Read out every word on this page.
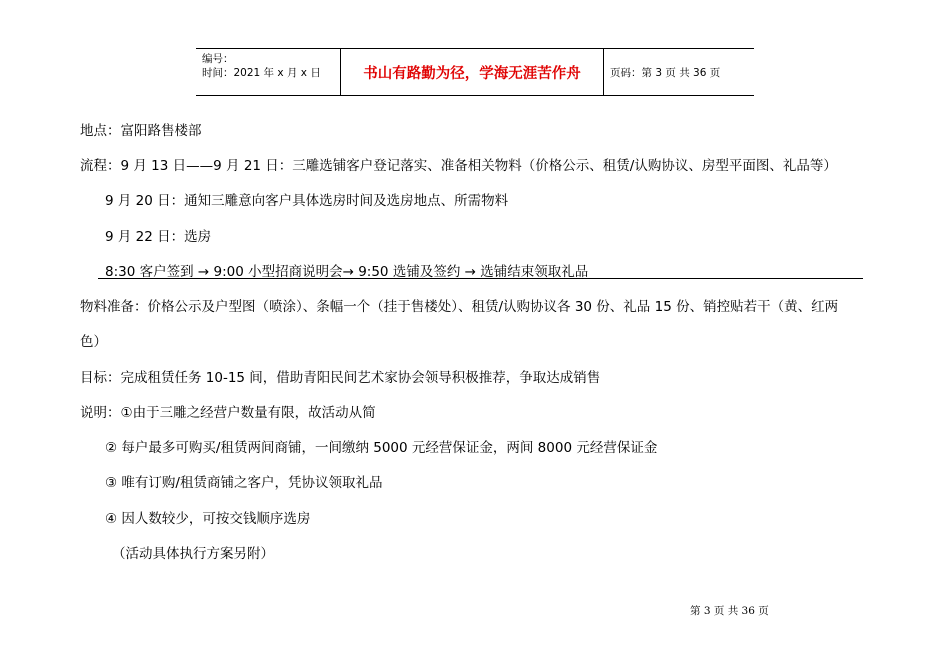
编号：
时间：2021 年 x 月 x 日	书山有路勤为径，学海无涯苦作舟	页码：第 3 页 共 36 页
地点：富阳路售楼部
流程：9 月 13 日——9 月 21 日：三雕选铺客户登记落实、准备相关物料（价格公示、租赁/认购协议、房型平面图、礼品等）
9 月 20 日：通知三雕意向客户具体选房时间及选房地点、所需物料
9 月 22 日：选房
8:30 客户签到 → 9:00 小型招商说明会→ 9:50 选铺及签约 → 选铺结束领取礼品
物料准备：价格公示及户型图（喷涂）、条幅一个（挂于售楼处）、租赁/认购协议各 30 份、礼品 15 份、销控贴若干（黄、红两
色）
目标：完成租赁任务 10-15 间，借助青阳民间艺术家协会领导积极推荐，争取达成销售
说明：①由于三雕之经营户数量有限，故活动从简
② 每户最多可购买/租赁两间商铺，一间缴纳 5000 元经营保证金，两间 8000 元经营保证金
③ 唯有订购/租赁商铺之客户，凭协议领取礼品
④ 因人数较少，可按交钱顺序选房
（活动具体执行方案另附）
第 3 页 共 36 页
